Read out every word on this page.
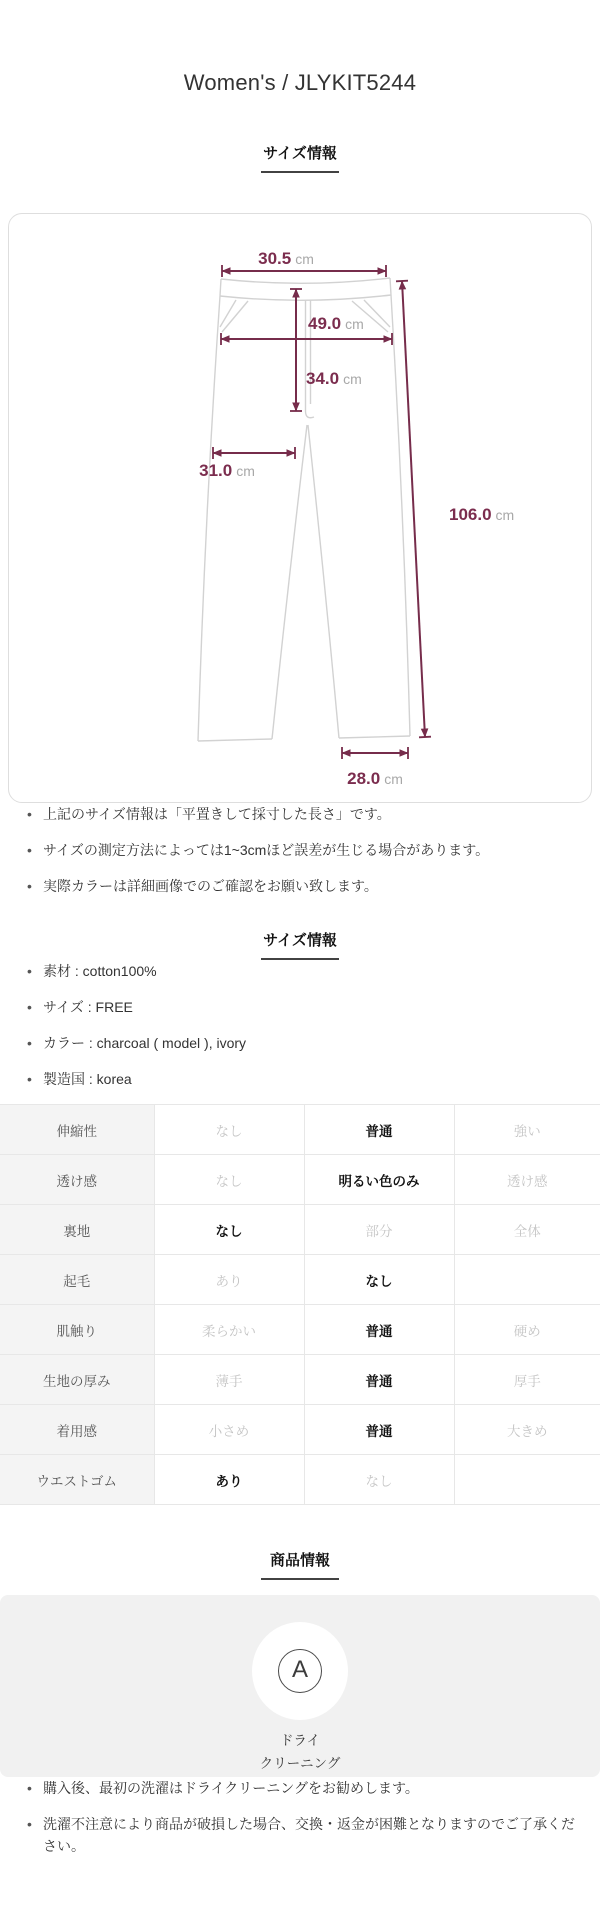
Women's / JLYKIT5244
サイズ情報
30.5 cm
49.0 cm
34.0 cm
31.0 cm
106.0 cm
28.0 cm
• 上記のサイズ情報は「平置きして採寸した長さ」です。
• サイズの測定方法によっては1~3cmほど誤差が生じる場合があります。
• 実際カラーは詳細画像でのご確認をお願い致します。
サイズ情報
• 素材 : cotton100%
• サイズ : FREE
• カラー : charcoal ( model ), ivory
• 製造国 : korea
伸縮性	なし	普通	強い
透け感	なし	明るい色のみ	透け感
裏地	なし	部分	全体
起毛	あり	なし	
肌触り	柔らかい	普通	硬め
生地の厚み	薄手	普通	厚手
着用感	小さめ	普通	大きめ
ウエストゴム	あり	なし	
商品情報
A
ドライ
クリーニング
• 購入後、最初の洗濯はドライクリーニングをお勧めします。
• 洗濯不注意により商品が破損した場合、交換・返金が困難となりますのでご了承ください。
